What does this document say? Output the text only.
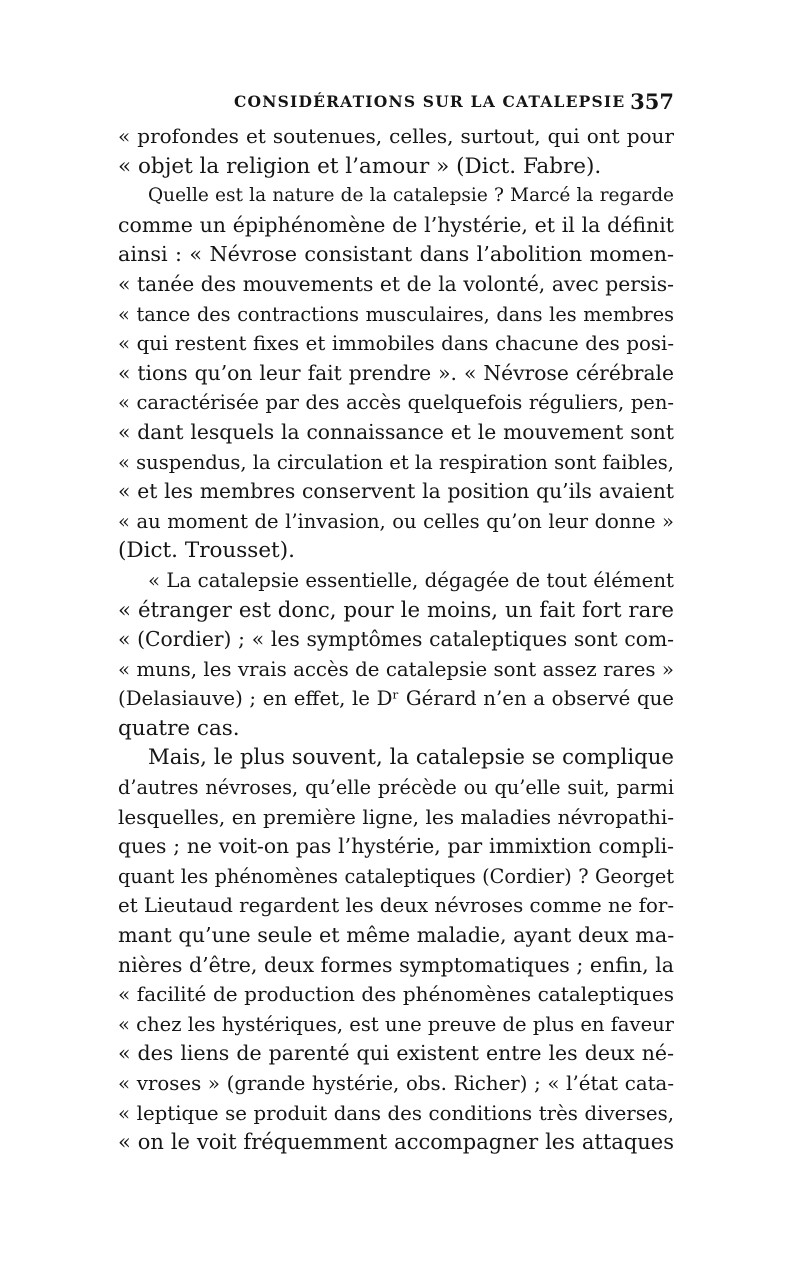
CONSIDÉRATIONS SUR LA CATALEPSIE 357
« profondes et soutenues, celles, surtout, qui ont pour
« objet la religion et l’amour » (Dict. Fabre).
Quelle est la nature de la catalepsie ? Marcé la regarde
comme un épiphénomène de l’hystérie, et il la définit
ainsi : « Névrose consistant dans l’abolition momen-
« tanée des mouvements et de la volonté, avec persis-
« tance des contractions musculaires, dans les membres
« qui restent fixes et immobiles dans chacune des posi-
« tions qu’on leur fait prendre ». « Névrose cérébrale
« caractérisée par des accès quelquefois réguliers, pen-
« dant lesquels la connaissance et le mouvement sont
« suspendus, la circulation et la respiration sont faibles,
« et les membres conservent la position qu’ils avaient
« au moment de l’invasion, ou celles qu’on leur donne »
(Dict. Trousset).
« La catalepsie essentielle, dégagée de tout élément
« étranger est donc, pour le moins, un fait fort rare
« (Cordier) ; « les symptômes cataleptiques sont com-
« muns, les vrais accès de catalepsie sont assez rares »
(Delasiauve) ; en effet, le Dʳ Gérard n’en a observé que
quatre cas.
Mais, le plus souvent, la catalepsie se complique
d’autres névroses, qu’elle précède ou qu’elle suit, parmi
lesquelles, en première ligne, les maladies névropathi-
ques ; ne voit-on pas l’hystérie, par immixtion compli-
quant les phénomènes cataleptiques (Cordier) ? Georget
et Lieutaud regardent les deux névroses comme ne for-
mant qu’une seule et même maladie, ayant deux ma-
nières d’être, deux formes symptomatiques ; enfin, la
« facilité de production des phénomènes cataleptiques
« chez les hystériques, est une preuve de plus en faveur
« des liens de parenté qui existent entre les deux né-
« vroses » (grande hystérie, obs. Richer) ; « l’état cata-
« leptique se produit dans des conditions très diverses,
« on le voit fréquemment accompagner les attaques
